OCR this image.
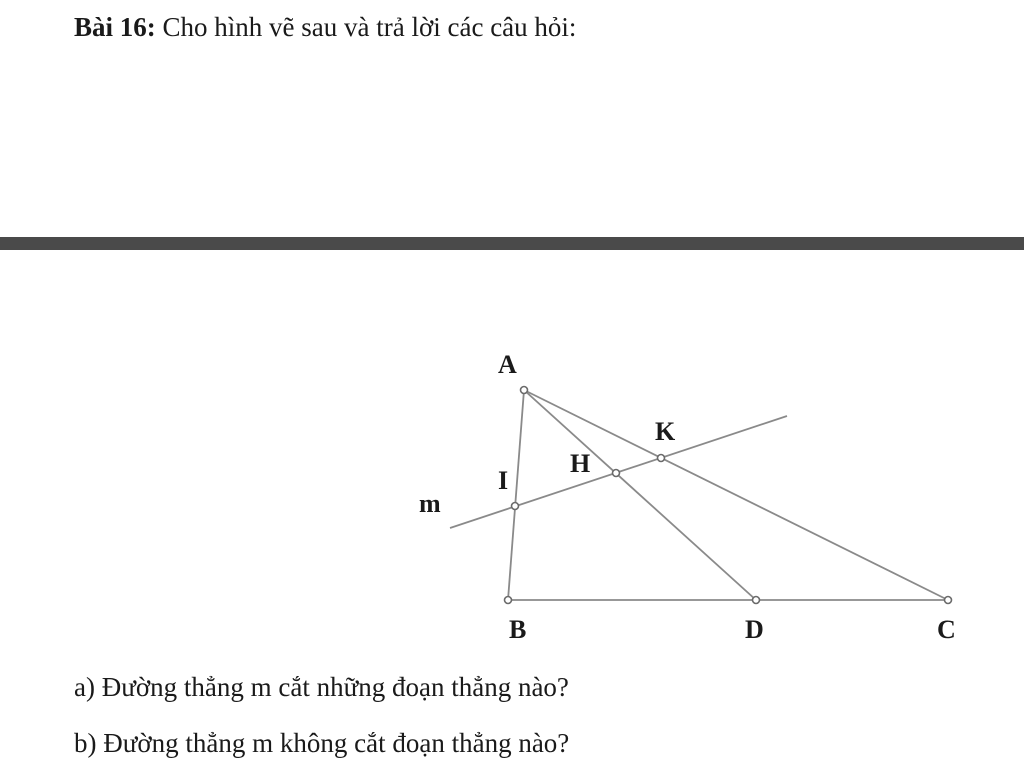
Bài 16: Cho hình vẽ sau và trả lời các câu hỏi:
A
K
H
I
m
B	D	C
a) Đường thẳng m cắt những đoạn thẳng nào?
b) Đường thẳng m không cắt đoạn thẳng nào?
